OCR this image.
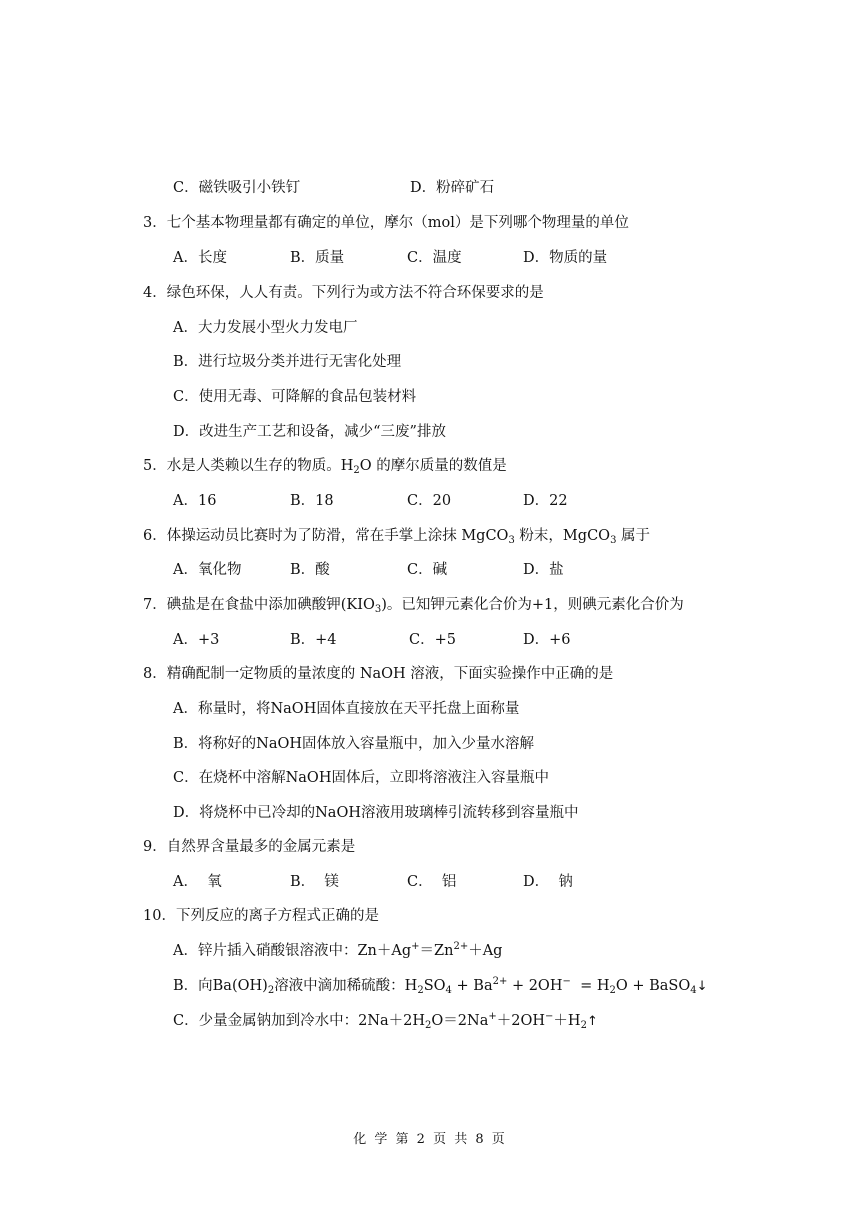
C．磁铁吸引小铁钉	D．粉碎矿石
3．七个基本物理量都有确定的单位，摩尔（mol）是下列哪个物理量的单位
A．长度	B．质量	C．温度	D．物质的量
4．绿色环保，人人有责。下列行为或方法不符合环保要求的是
A．大力发展小型火力发电厂
B．进行垃圾分类并进行无害化处理
C．使用无毒、可降解的食品包装材料
D．改进生产工艺和设备，减少“三废”排放
5．水是人类赖以生存的物质。$H_2O$ 的摩尔质量的数值是
A．16	B．18	C．20	D．22
6．体操运动员比赛时为了防滑，常在手掌上涂抹 MgCO$_3$ 粉末，MgCO$_3$ 属于
A．氧化物	B．酸	C．碱	D．盐
7．碘盐是在食盐中添加碘酸钾$(KIO_3)$。已知钾元素化合价为+1，则碘元素化合价为
A．+3	B．+4	C．+5	D．+6
8．精确配制一定物质的量浓度的 NaOH 溶液，下面实验操作中正确的是
A．称量时，将NaOH固体直接放在天平托盘上面称量
B．将称好的NaOH固体放入容量瓶中，加入少量水溶解
C．在烧杯中溶解NaOH固体后，立即将溶液注入容量瓶中
D．将烧杯中已冷却的NaOH溶液用玻璃棒引流转移到容量瓶中
9．自然界含量最多的金属元素是
A．  氧	B．  镁	C．  铝	D．  钠
10．下列反应的离子方程式正确的是
A．锌片插入硝酸银溶液中：$Zn+Ag^+=Zn^{2+}+Ag$
B．向$Ba(OH)_2$溶液中滴加稀硫酸：$H_2SO_4 + Ba^{2+} + 2OH^- = H_2O$ + BaSO$_4$↓
C．少量金属钠加到冷水中：$2Na+2H_2O=2Na^++2OH^-+H_2↑$
化 学 第 2 页 共 8 页
